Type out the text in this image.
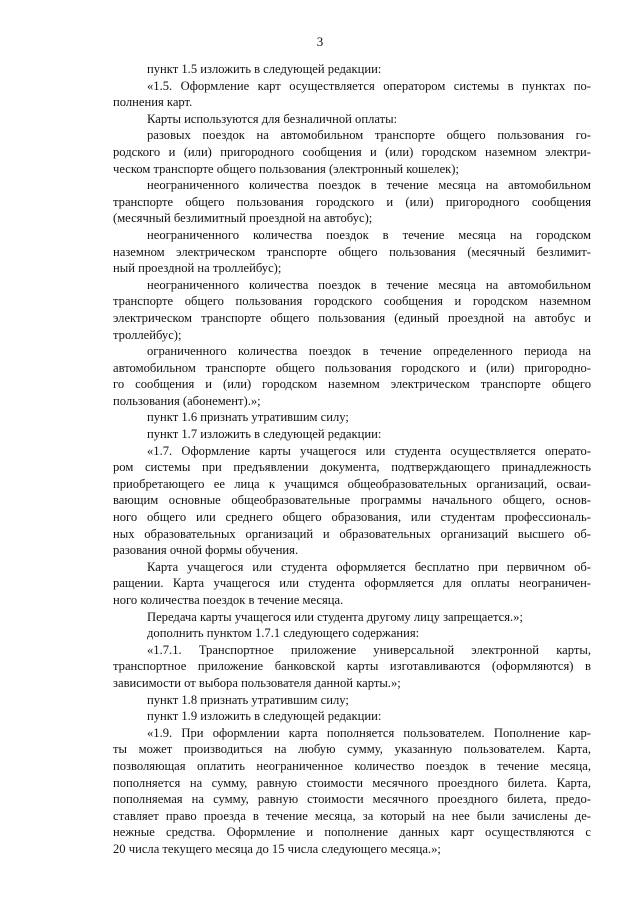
3

пункт 1.5 изложить в следующей редакции:

«1.5. Оформление карт осуществляется оператором системы в пунктах по-
полнения карт.

Карты используются для безналичной оплаты:

разовых поездок на автомобильном транспорте общего пользования го-
родского и (или) пригородного сообщения и (или) городском наземном электри-
ческом транспорте общего пользования (электронный кошелек);

неограниченного количества поездок в течение месяца на автомобильном
транспорте общего пользования городского и (или) пригородного сообщения
(месячный безлимитный проездной на автобус);

неограниченного количества поездок в течение месяца на городском
наземном электрическом транспорте общего пользования (месячный безлимит-
ный проездной на троллейбус);

неограниченного количества поездок в течение месяца на автомобильном
транспорте общего пользования городского сообщения и городском наземном
электрическом транспорте общего пользования (единый проездной на автобус и
троллейбус);

ограниченного количества поездок в течение определенного периода на
автомобильном транспорте общего пользования городского и (или) пригородно-
го сообщения и (или) городском наземном электрическом транспорте общего
пользования (абонемент).»;

пункт 1.6 признать утратившим силу;

пункт 1.7 изложить в следующей редакции:

«1.7. Оформление карты учащегося или студента осуществляется операто-
ром системы при предъявлении документа, подтверждающего принадлежность
приобретающего ее лица к учащимся общеобразовательных организаций, осваи-
вающим основные общеобразовательные программы начального общего, основ-
ного общего или среднего общего образования, или студентам профессиональ-
ных образовательных организаций и образовательных организаций высшего об-
разования очной формы обучения.

Карта учащегося или студента оформляется бесплатно при первичном об-
ращении. Карта учащегося или студента оформляется для оплаты неограничен-
ного количества поездок в течение месяца.

Передача карты учащегося или студента другому лицу запрещается.»;

дополнить пунктом 1.7.1 следующего содержания:

«1.7.1. Транспортное приложение универсальной электронной карты,
транспортное приложение банковской карты изготавливаются (оформляются) в
зависимости от выбора пользователя данной карты.»;

пункт 1.8 признать утратившим силу;

пункт 1.9 изложить в следующей редакции:

«1.9. При оформлении карта пополняется пользователем. Пополнение кар-
ты может производиться на любую сумму, указанную пользователем. Карта,
позволяющая оплатить неограниченное количество поездок в течение месяца,
пополняется на сумму, равную стоимости месячного проездного билета. Карта,
пополняемая на сумму, равную стоимости месячного проездного билета, предо-
ставляет право проезда в течение месяца, за который на нее были зачислены де-
нежные средства. Оформление и пополнение данных карт осуществляются с
20 числа текущего месяца до 15 числа следующего месяца.»;
